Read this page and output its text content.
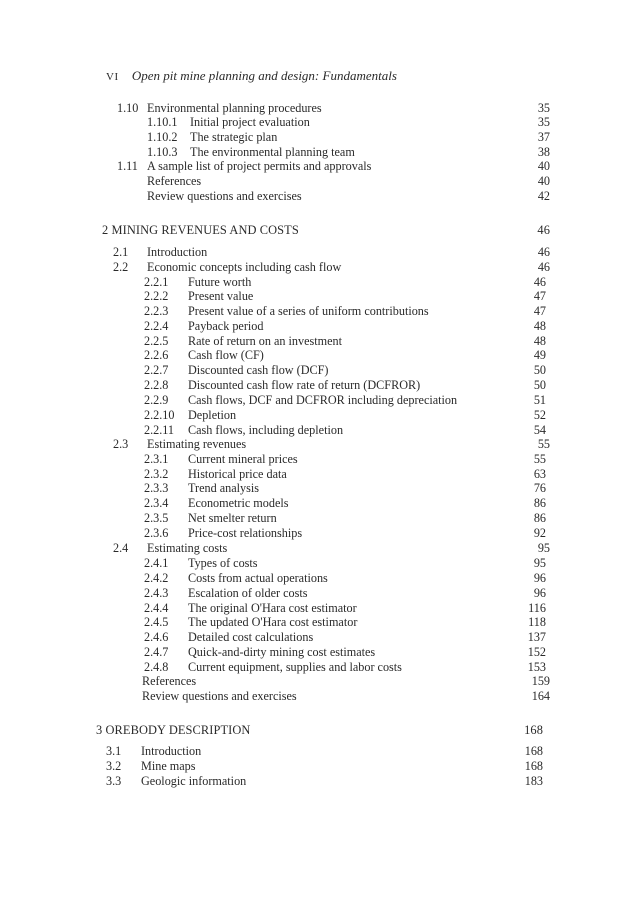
VI Open pit mine planning and design: Fundamentals
1.10 Environmental planning procedures	35
1.10.1 Initial project evaluation	35
1.10.2 The strategic plan	37
1.10.3 The environmental planning team	38
1.11 A sample list of project permits and approvals	40
References	40
Review questions and exercises	42
2 MINING REVENUES AND COSTS	46
2.1 Introduction	46
2.2 Economic concepts including cash flow	46
2.2.1 Future worth	46
2.2.2 Present value	47
2.2.3 Present value of a series of uniform contributions	47
2.2.4 Payback period	48
2.2.5 Rate of return on an investment	48
2.2.6 Cash flow (CF)	49
2.2.7 Discounted cash flow (DCF)	50
2.2.8 Discounted cash flow rate of return (DCFROR)	50
2.2.9 Cash flows, DCF and DCFROR including depreciation	51
2.2.10 Depletion	52
2.2.11 Cash flows, including depletion	54
2.3 Estimating revenues	55
2.3.1 Current mineral prices	55
2.3.2 Historical price data	63
2.3.3 Trend analysis	76
2.3.4 Econometric models	86
2.3.5 Net smelter return	86
2.3.6 Price-cost relationships	92
2.4 Estimating costs	95
2.4.1 Types of costs	95
2.4.2 Costs from actual operations	96
2.4.3 Escalation of older costs	96
2.4.4 The original O'Hara cost estimator	116
2.4.5 The updated O'Hara cost estimator	118
2.4.6 Detailed cost calculations	137
2.4.7 Quick-and-dirty mining cost estimates	152
2.4.8 Current equipment, supplies and labor costs	153
References	159
Review questions and exercises	164
3 OREBODY DESCRIPTION	168
3.1 Introduction	168
3.2 Mine maps	168
3.3 Geologic information	183
